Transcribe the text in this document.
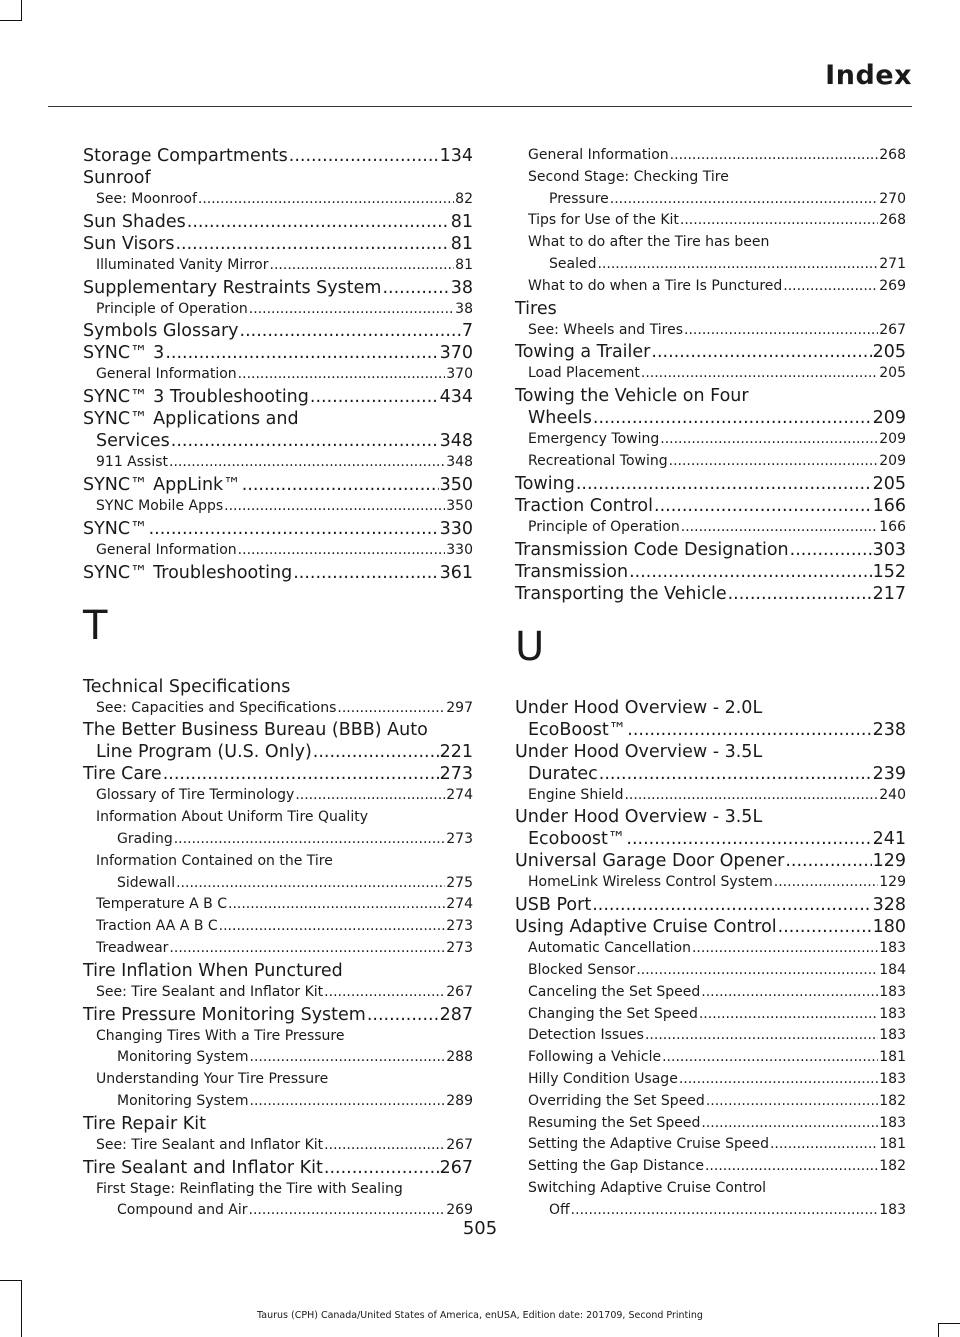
Index
Storage Compartments .....	134
Sunroof
See: Moonroof .....	82
Sun Shades .....	81
Sun Visors .....	81
Illuminated Vanity Mirror .....	81
Supplementary Restraints System .....	38
Principle of Operation .....	38
Symbols Glossary .....	7
SYNC™ 3 .....	370
General Information .....	370
SYNC™ 3 Troubleshooting .....	434
SYNC™ Applications and
Services .....	348
911 Assist .....	348
SYNC™ AppLink™ .....	350
SYNC Mobile Apps .....	350
SYNC™ .....	330
General Information .....	330
SYNC™ Troubleshooting .....	361
T
Technical Specifications
See: Capacities and Specifications .....	297
The Better Business Bureau (BBB) Auto
Line Program (U.S. Only) .....	221
Tire Care .....	273
Glossary of Tire Terminology .....	274
Information About Uniform Tire Quality
Grading .....	273
Information Contained on the Tire
Sidewall .....	275
Temperature A B C .....	274
Traction AA A B C .....	273
Treadwear .....	273
Tire Inflation When Punctured
See: Tire Sealant and Inflator Kit .....	267
Tire Pressure Monitoring System .....	287
Changing Tires With a Tire Pressure
Monitoring System .....	288
Understanding Your Tire Pressure
Monitoring System .....	289
Tire Repair Kit
See: Tire Sealant and Inflator Kit .....	267
Tire Sealant and Inflator Kit .....	267
First Stage: Reinflating the Tire with Sealing
Compound and Air .....	269
General Information .....	268
Second Stage: Checking Tire
Pressure .....	270
Tips for Use of the Kit .....	268
What to do after the Tire has been
Sealed .....	271
What to do when a Tire Is Punctured .....	269
Tires
See: Wheels and Tires .....	267
Towing a Trailer .....	205
Load Placement .....	205
Towing the Vehicle on Four
Wheels .....	209
Emergency Towing .....	209
Recreational Towing .....	209
Towing .....	205
Traction Control .....	166
Principle of Operation .....	166
Transmission Code Designation .....	303
Transmission .....	152
Transporting the Vehicle .....	217
U
Under Hood Overview - 2.0L
EcoBoost™ .....	238
Under Hood Overview - 3.5L
Duratec .....	239
Engine Shield .....	240
Under Hood Overview - 3.5L
Ecoboost™ .....	241
Universal Garage Door Opener .....	129
HomeLink Wireless Control System .....	129
USB Port .....	328
Using Adaptive Cruise Control .....	180
Automatic Cancellation .....	183
Blocked Sensor .....	184
Canceling the Set Speed .....	183
Changing the Set Speed .....	183
Detection Issues .....	183
Following a Vehicle .....	181
Hilly Condition Usage .....	183
Overriding the Set Speed .....	182
Resuming the Set Speed .....	183
Setting the Adaptive Cruise Speed .....	181
Setting the Gap Distance .....	182
Switching Adaptive Cruise Control
Off .....	183
505
Taurus (CPH) Canada/United States of America, enUSA, Edition date: 201709, Second Printing
